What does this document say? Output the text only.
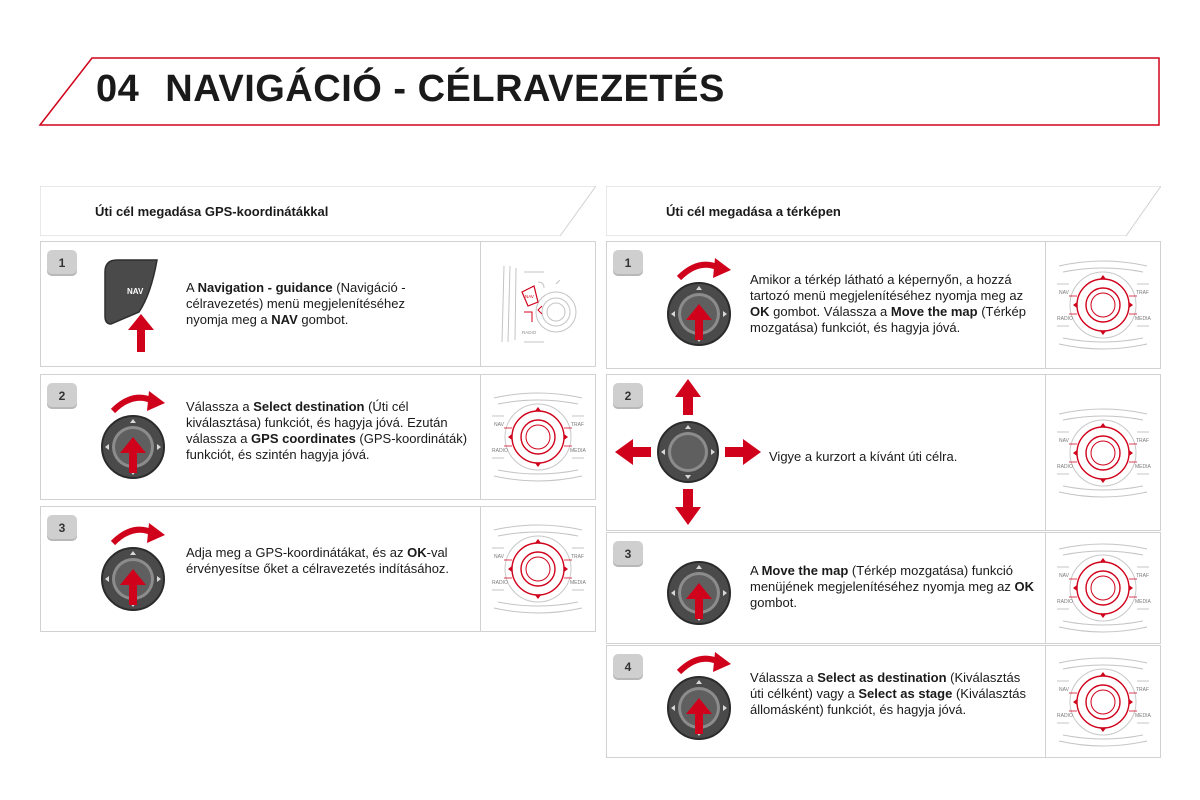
04 NAVIGÁCIÓ - CÉLRAVEZETÉS
Úti cél megadása GPS-koordinátákkal
1
NAV	A Navigation - guidance (Navigáció - célravezetés) menü megjelenítéséhez nyomja meg a NAV gombot.
NAV
RADIO
2
Válassza a Select destination (Úti cél kiválasztása) funkciót, és hagyja jóvá. Ezután válassza a GPS coordinates (GPS-koordináták) funkciót, és szintén hagyja jóvá.
NAV	TRAF
RADIO	MEDIA
3
Adja meg a GPS-koordinátákat, és az OK-val érvényesítse őket a célravezetés indításához.
NAV	TRAF
RADIO	MEDIA
Úti cél megadása a térképen
1
Amikor a térkép látható a képernyőn, a hozzá tartozó menü megjelenítéséhez nyomja meg az OK gombot. Válassza a Move the map (Térkép mozgatása) funkciót, és hagyja jóvá.
NAV	TRAF
RADIO	MEDIA
2
Vigye a kurzort a kívánt úti célra.
NAV	TRAF
RADIO	MEDIA
3
A Move the map (Térkép mozgatása) funkció menüjének megjelenítéséhez nyomja meg az OK gombot.
NAV	TRAF
RADIO	MEDIA
4
Válassza a Select as destination (Kiválasztás úti célként) vagy a Select as stage (Kiválasztás állomásként) funkciót, és hagyja jóvá.
NAV	TRAF
RADIO	MEDIA
